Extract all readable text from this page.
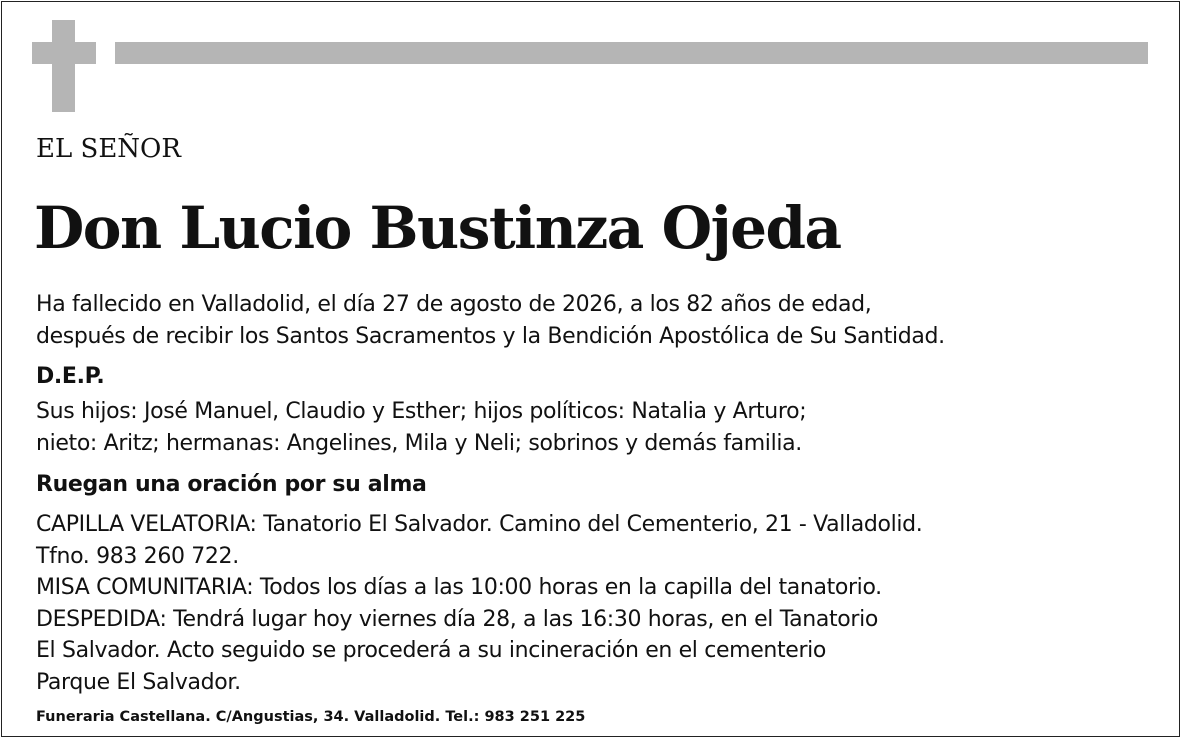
EL SEÑOR
Don Lucio Bustinza Ojeda
Ha fallecido en Valladolid, el día 27 de agosto de 2026, a los 82 años de edad,
después de recibir los Santos Sacramentos y la Bendición Apostólica de Su Santidad.
D.E.P.
Sus hijos: José Manuel, Claudio y Esther; hijos políticos: Natalia y Arturo;
nieto: Aritz; hermanas: Angelines, Mila y Neli; sobrinos y demás familia.
Ruegan una oración por su alma
CAPILLA VELATORIA: Tanatorio El Salvador. Camino del Cementerio, 21 - Valladolid.
Tfno. 983 260 722.
MISA COMUNITARIA: Todos los días a las 10:00 horas en la capilla del tanatorio.
DESPEDIDA: Tendrá lugar hoy viernes día 28, a las 16:30 horas, en el Tanatorio
El Salvador. Acto seguido se procederá a su incineración en el cementerio
Parque El Salvador.
Funeraria Castellana. C/Angustias, 34. Valladolid. Tel.: 983 251 225
